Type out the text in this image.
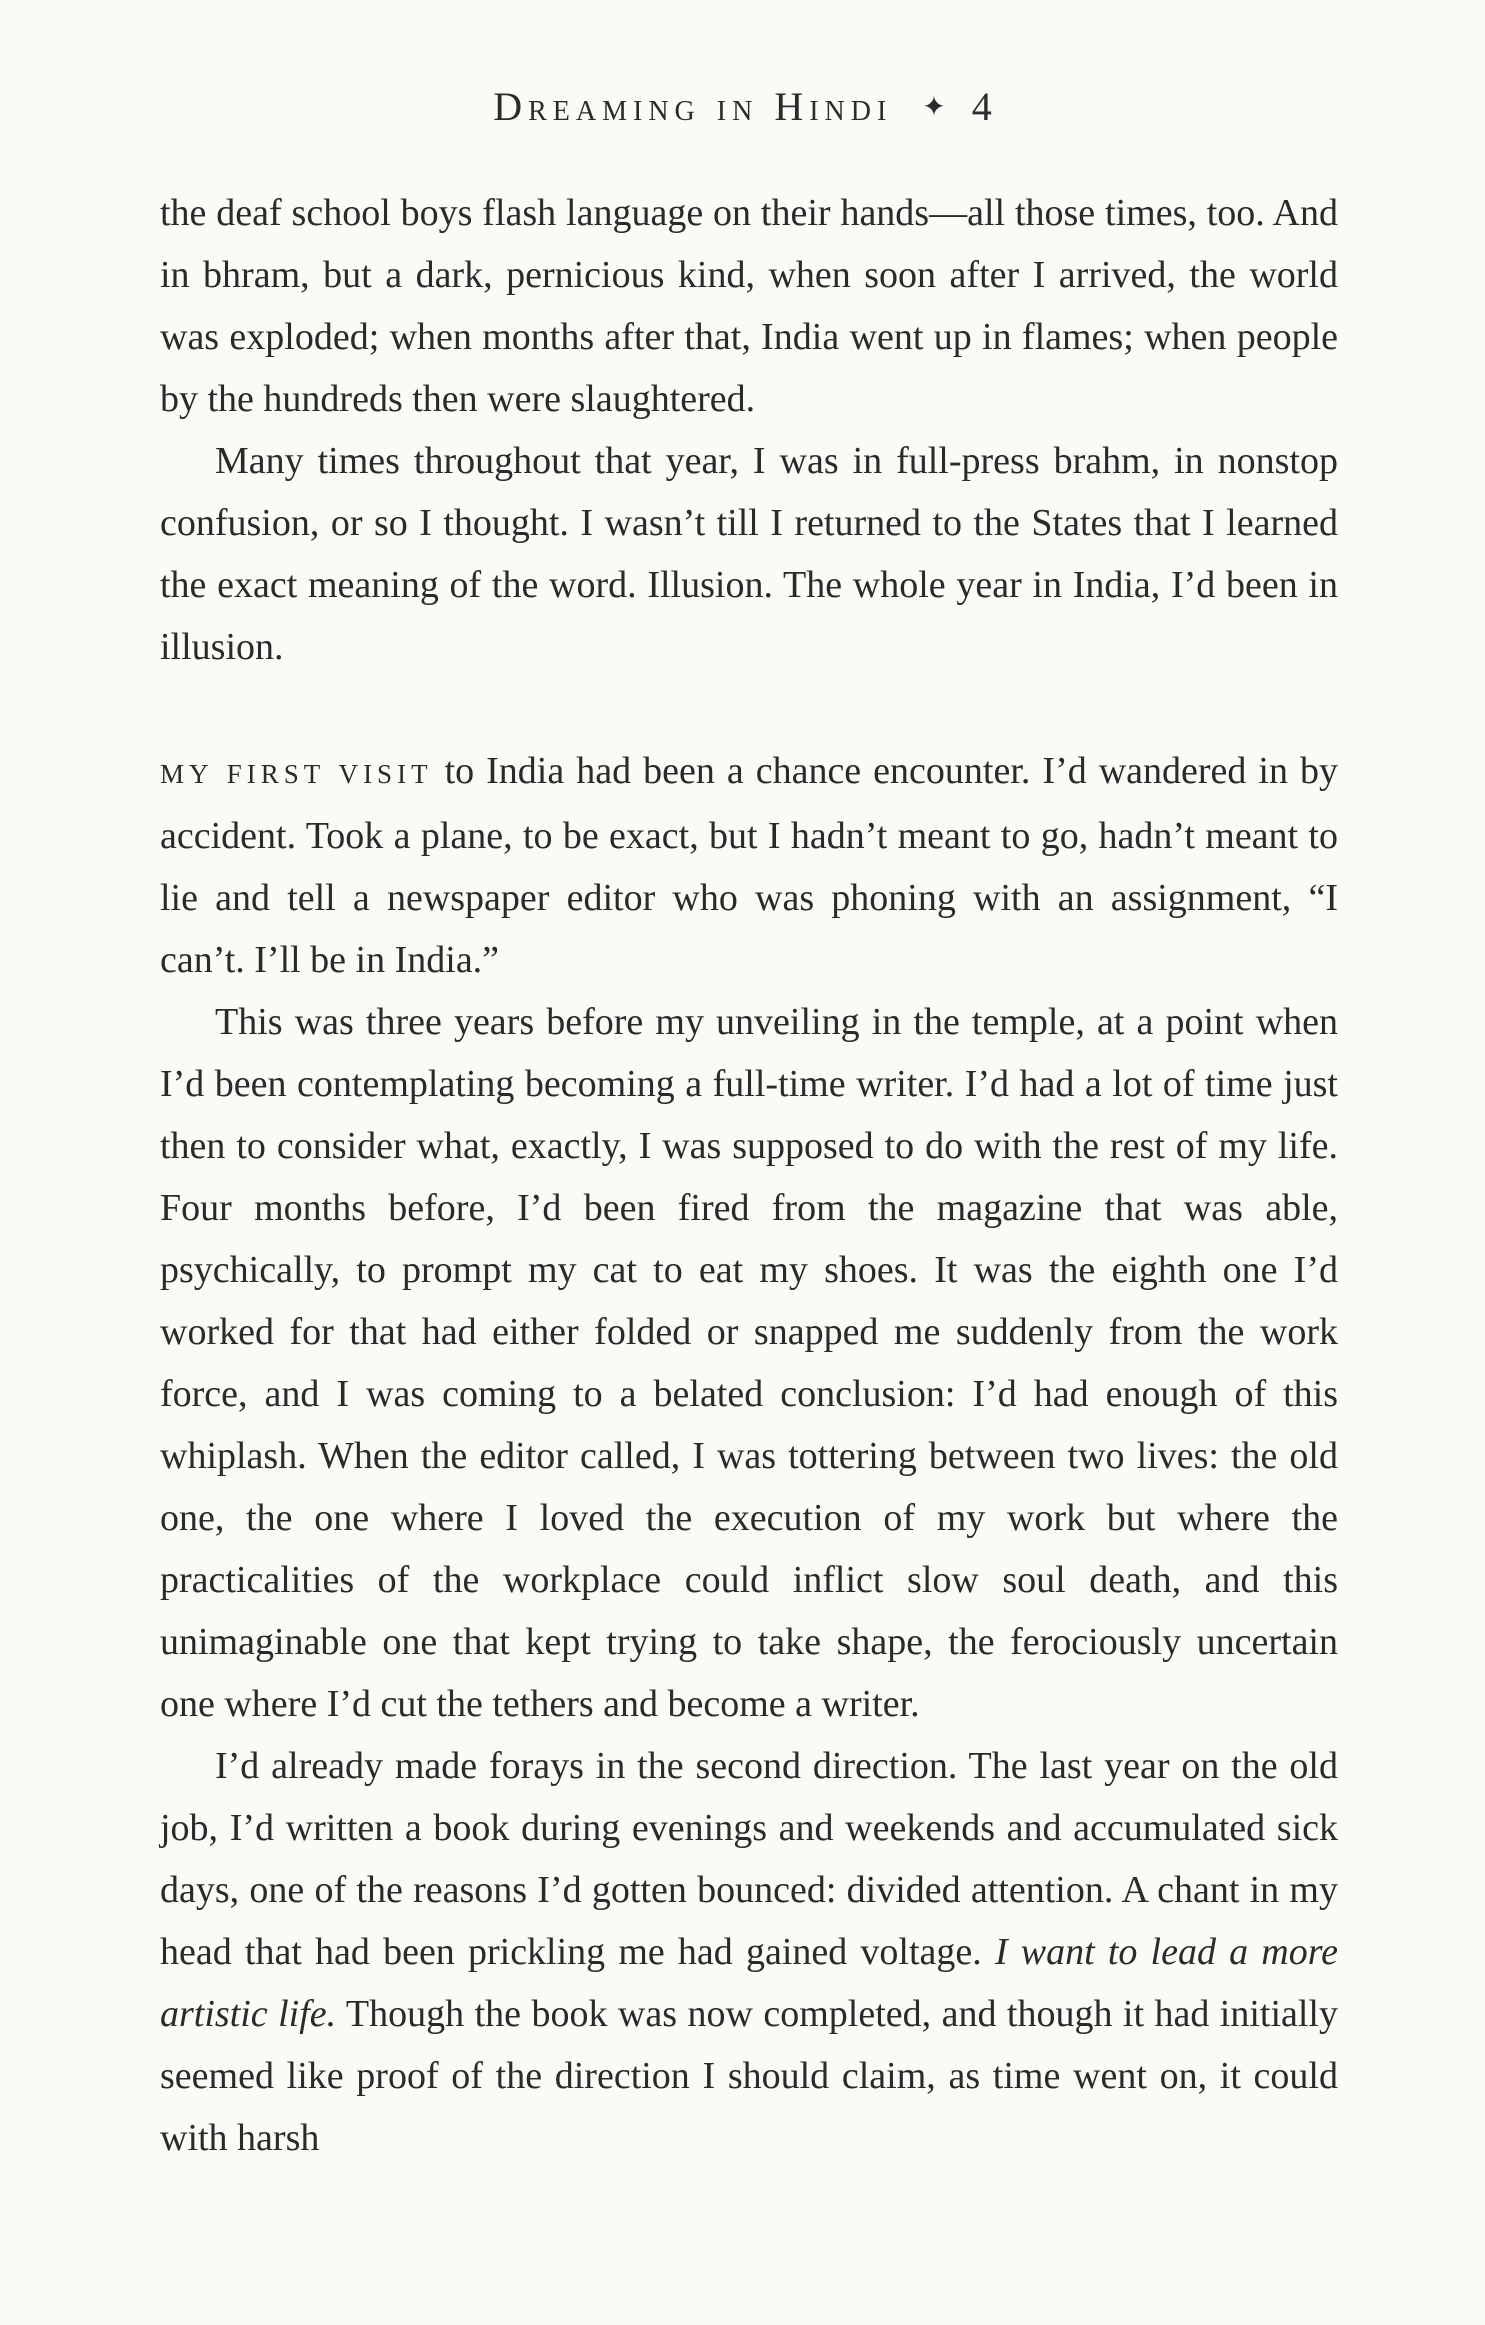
Dreaming in Hindi ✦ 4

the deaf school boys flash language on their hands—all those times, too. And in bhram, but a dark, pernicious kind, when soon after I arrived, the world was exploded; when months after that, India went up in flames; when people by the hundreds then were slaughtered.

Many times throughout that year, I was in full-press brahm, in nonstop confusion, or so I thought. I wasn’t till I returned to the States that I learned the exact meaning of the word. Illusion. The whole year in India, I’d been in illusion.

MY FIRST VISIT to India had been a chance encounter. I’d wandered in by accident. Took a plane, to be exact, but I hadn’t meant to go, hadn’t meant to lie and tell a newspaper editor who was phoning with an assignment, “I can’t. I’ll be in India.”

This was three years before my unveiling in the temple, at a point when I’d been contemplating becoming a full-time writer. I’d had a lot of time just then to consider what, exactly, I was supposed to do with the rest of my life. Four months before, I’d been fired from the magazine that was able, psychically, to prompt my cat to eat my shoes. It was the eighth one I’d worked for that had either folded or snapped me suddenly from the work force, and I was coming to a belated conclusion: I’d had enough of this whiplash. When the editor called, I was tottering between two lives: the old one, the one where I loved the execution of my work but where the practicalities of the workplace could inflict slow soul death, and this unimaginable one that kept trying to take shape, the ferociously uncertain one where I’d cut the tethers and become a writer.

I’d already made forays in the second direction. The last year on the old job, I’d written a book during evenings and weekends and accumulated sick days, one of the reasons I’d gotten bounced: divided attention. A chant in my head that had been prickling me had gained voltage. I want to lead a more artistic life. Though the book was now completed, and though it had initially seemed like proof of the direction I should claim, as time went on, it could with harsh
